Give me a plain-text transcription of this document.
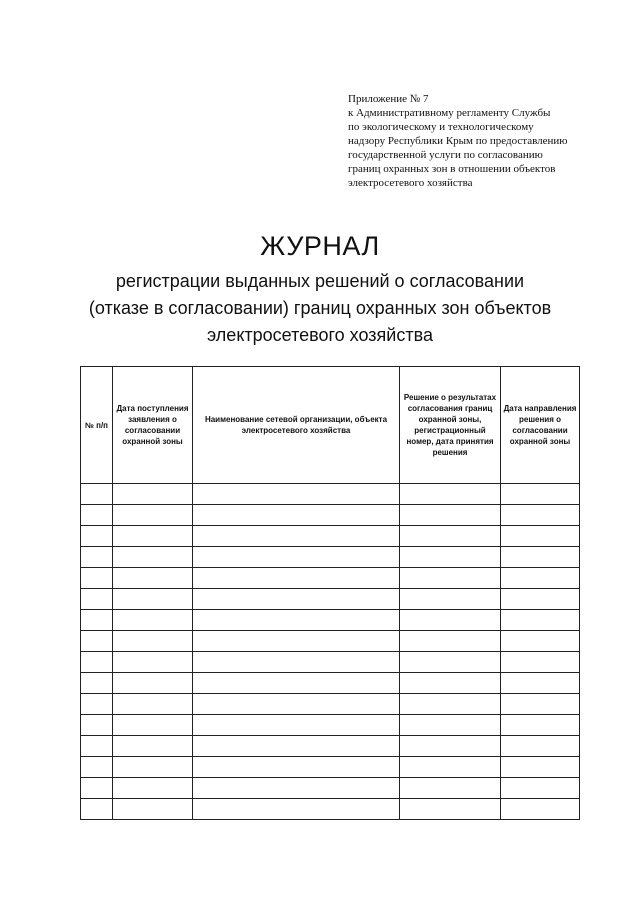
Приложение № 7
к Административному регламенту Службы
по экологическому и технологическому
надзору Республики Крым по предоставлению
государственной услуги по согласованию
границ охранных зон в отношении объектов
электросетевого хозяйства
ЖУРНАЛ
регистрации выданных решений о согласовании
(отказе в согласовании) границ охранных зон объектов
электросетевого хозяйства
№ п/п	Дата поступления заявления о согласовании охранной зоны	Наименование сетевой организации, объекта электросетевого хозяйства	Решение о результатах согласования границ охранной зоны, регистрационный номер, дата принятия решения	Дата направления решения о согласовании охранной зоны
